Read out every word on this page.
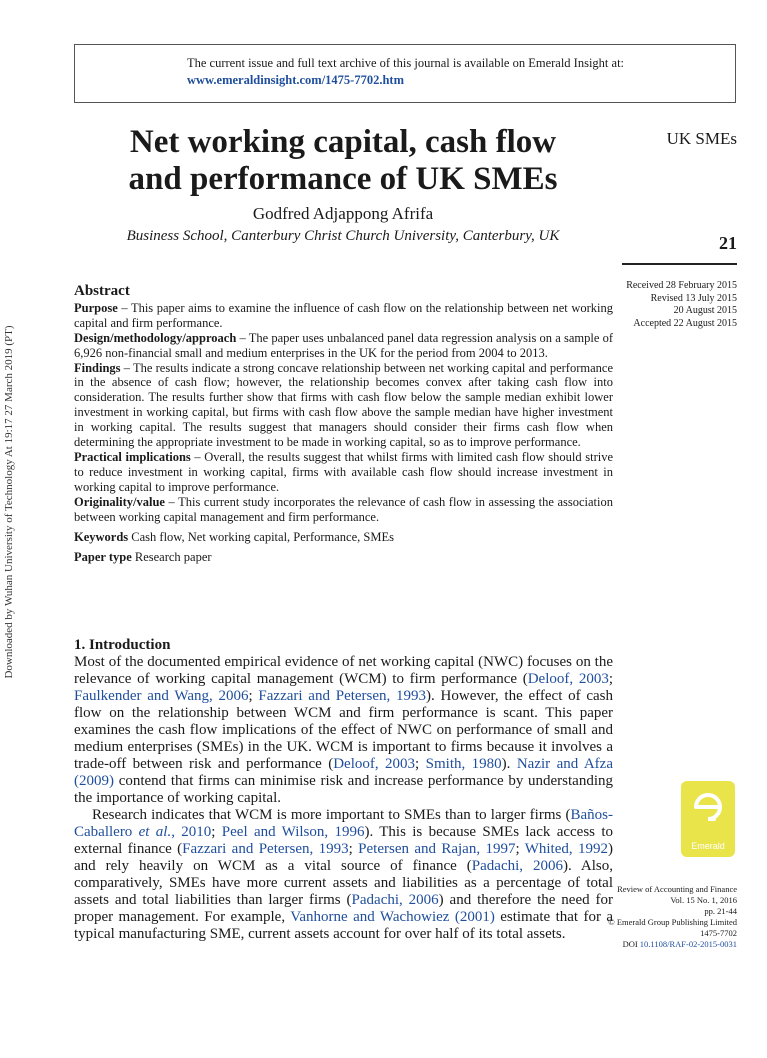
The current issue and full text archive of this journal is available on Emerald Insight at:
www.emeraldinsight.com/1475-7702.htm
Downloaded by Wuhan University of Technology At 19:17 27 March 2019 (PT)
Net working capital, cash flow
and performance of UK SMEs
Godfred Adjappong Afrifa
Business School, Canterbury Christ Church University, Canterbury, UK
UK SMEs
21
Received 28 February 2015
Revised 13 July 2015
20 August 2015
Accepted 22 August 2015
Abstract

Purpose – This paper aims to examine the influence of cash flow on the relationship between net working capital and firm performance.

Design/methodology/approach – The paper uses unbalanced panel data regression analysis on a sample of 6,926 non-financial small and medium enterprises in the UK for the period from 2004 to 2013.

Findings – The results indicate a strong concave relationship between net working capital and performance in the absence of cash flow; however, the relationship becomes convex after taking cash flow into consideration. The results further show that firms with cash flow below the sample median exhibit lower investment in working capital, but firms with cash flow above the sample median have higher investment in working capital. The results suggest that managers should consider their firms cash flow when determining the appropriate investment to be made in working capital, so as to improve performance.

Practical implications – Overall, the results suggest that whilst firms with limited cash flow should strive to reduce investment in working capital, firms with available cash flow should increase investment in working capital to improve performance.

Originality/value – This current study incorporates the relevance of cash flow in assessing the association between working capital management and firm performance.

Keywords Cash flow, Net working capital, Performance, SMEs

Paper type Research paper

1. Introduction

Most of the documented empirical evidence of net working capital (NWC) focuses on the relevance of working capital management (WCM) to firm performance (Deloof, 2003; Faulkender and Wang, 2006; Fazzari and Petersen, 1993). However, the effect of cash flow on the relationship between WCM and firm performance is scant. This paper examines the cash flow implications of the effect of NWC on performance of small and medium enterprises (SMEs) in the UK. WCM is important to firms because it involves a trade-off between risk and performance (Deloof, 2003; Smith, 1980). Nazir and Afza (2009) contend that firms can minimise risk and increase performance by understanding the importance of working capital.

Research indicates that WCM is more important to SMEs than to larger firms (Baños-Caballero et al., 2010; Peel and Wilson, 1996). This is because SMEs lack access to external finance (Fazzari and Petersen, 1993; Petersen and Rajan, 1997; Whited, 1992) and rely heavily on WCM as a vital source of finance (Padachi, 2006). Also, comparatively, SMEs have more current assets and liabilities as a percentage of total assets and total liabilities than larger firms (Padachi, 2006) and therefore the need for proper management. For example, Vanhorne and Wachowiez (2001) estimate that for a typical manufacturing SME, current assets account for over half of its total assets.

Emerald
Review of Accounting and Finance
Vol. 15 No. 1, 2016
pp. 21-44
© Emerald Group Publishing Limited
1475-7702
DOI 10.1108/RAF-02-2015-0031
